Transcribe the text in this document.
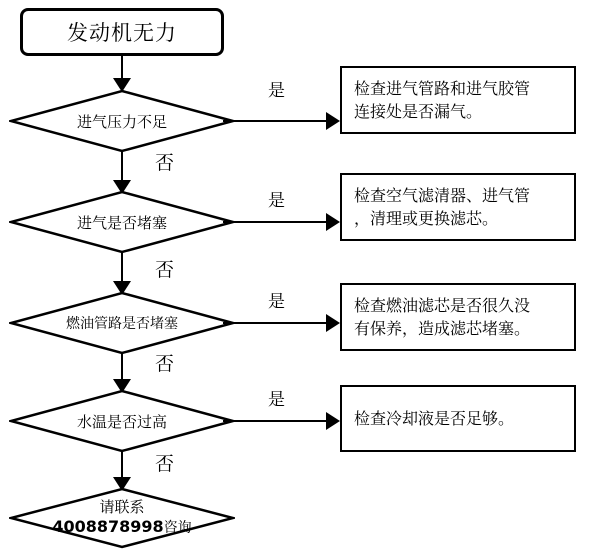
发动机无力
进气压力不足
是	检查进气管路和进气胶管
连接处是否漏气。
否
进气是否堵塞
是	检查空气滤清器、进气管
，清理或更换滤芯。
否
燃油管路是否堵塞
是	检查燃油滤芯是否很久没
有保养，造成滤芯堵塞。
否
水温是否过高
是
检查冷却液是否足够。
否
请联系
4008878998 咨询
